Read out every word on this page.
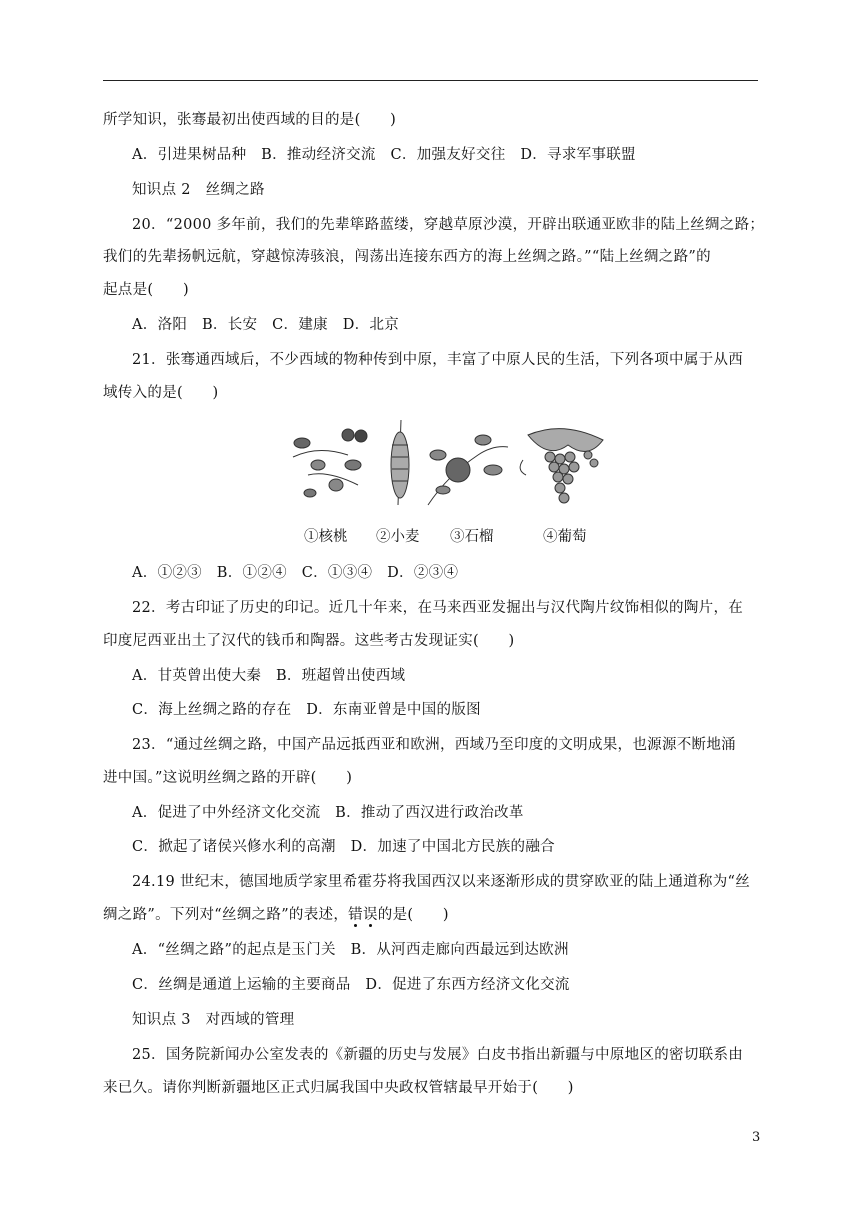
所学知识，张骞最初出使西域的目的是(　　)
A．引进果树品种　B．推动经济交流　C．加强友好交往　D．寻求军事联盟
知识点 2　丝绸之路
20．“2000 多年前，我们的先辈筚路蓝缕，穿越草原沙漠，开辟出联通亚欧非的陆上丝绸之路；
我们的先辈扬帆远航，穿越惊涛骇浪，闯荡出连接东西方的海上丝绸之路。”“陆上丝绸之路”的
起点是(　　)
A．洛阳　B．长安　C．建康　D．北京
21．张骞通西域后，不少西域的物种传到中原，丰富了中原人民的生活，下列各项中属于从西
域传入的是(　　)
①核桃 ②小麦 ③石榴	④葡萄
A．①②③　B．①②④　C．①③④　D．②③④
22．考古印证了历史的印记。近几十年来，在马来西亚发掘出与汉代陶片纹饰相似的陶片，在
印度尼西亚出土了汉代的钱币和陶器。这些考古发现证实(　　)
A．甘英曾出使大秦　B．班超曾出使西域
C．海上丝绸之路的存在　D．东南亚曾是中国的版图
23．“通过丝绸之路，中国产品远抵西亚和欧洲，西域乃至印度的文明成果，也源源不断地涌
进中国。”这说明丝绸之路的开辟(　　)
A．促进了中外经济文化交流　B．推动了西汉进行政治改革
C．掀起了诸侯兴修水利的高潮　D．加速了中国北方民族的融合
24.19 世纪末，德国地质学家里希霍芬将我国西汉以来逐渐形成的贯穿欧亚的陆上通道称为“丝
绸之路”。下列对“丝绸之路”的表述，错误的是(　　)
A．“丝绸之路”的起点是玉门关　B．从河西走廊向西最远到达欧洲
C．丝绸是通道上运输的主要商品　D．促进了东西方经济文化交流
知识点 3　对西域的管理
25．国务院新闻办公室发表的《新疆的历史与发展》白皮书指出新疆与中原地区的密切联系由
来已久。请你判断新疆地区正式归属我国中央政权管辖最早开始于(　　)
3
